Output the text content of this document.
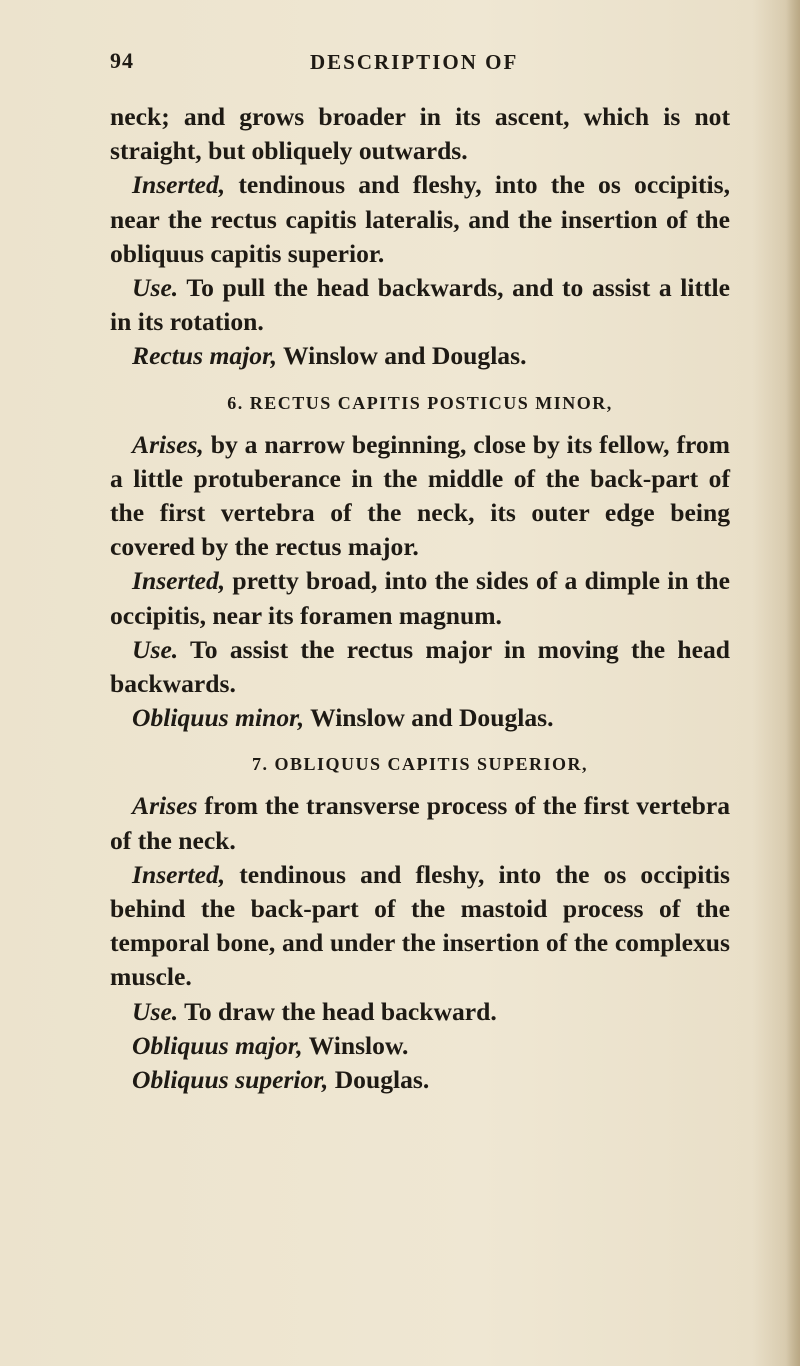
94	DESCRIPTION OF

neck; and grows broader in its ascent, which is not straight, but obliquely outwards.

Inserted, tendinous and fleshy, into the os occipitis, near the rectus capitis lateralis, and the insertion of the obliquus capitis superior.

Use. To pull the head backwards, and to assist a little in its rotation.

Rectus major, Winslow and Douglas.

6. RECTUS CAPITIS POSTICUS MINOR,

Arises, by a narrow beginning, close by its fellow, from a little protuberance in the middle of the back-part of the first vertebra of the neck, its outer edge being covered by the rectus major.

Inserted, pretty broad, into the sides of a dimple in the occipitis, near its foramen magnum.

Use. To assist the rectus major in moving the head backwards.

Obliquus minor, Winslow and Douglas.

7. OBLIQUUS CAPITIS SUPERIOR,

Arises from the transverse process of the first vertebra of the neck.

Inserted, tendinous and fleshy, into the os occipitis behind the back-part of the mastoid process of the temporal bone, and under the insertion of the complexus muscle.

Use. To draw the head backward.

Obliquus major, Winslow.

Obliquus superior, Douglas.
